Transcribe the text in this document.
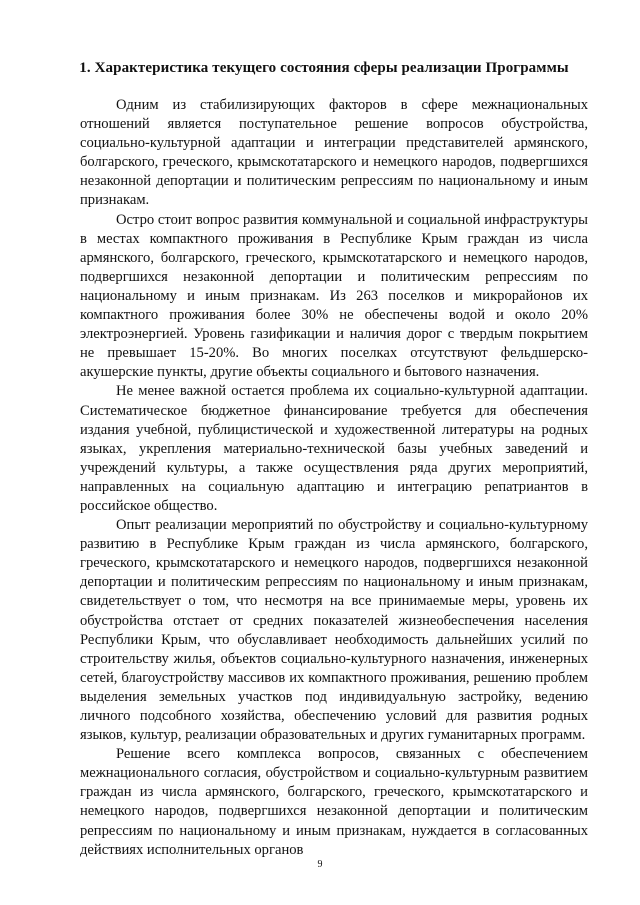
1. Характеристика текущего состояния сферы реализации Программы

Одним из стабилизирующих факторов в сфере межнациональных отношений является поступательное решение вопросов обустройства, социально-культурной адаптации и интеграции представителей армянского, болгарского, греческого, крымскотатарского и немецкого народов, подвергшихся незаконной депортации и политическим репрессиям по национальному и иным признакам.

Остро стоит вопрос развития коммунальной и социальной инфраструктуры в местах компактного проживания в Республике Крым граждан из числа армянского, болгарского, греческого, крымскотатарского и немецкого народов, подвергшихся незаконной депортации и политическим репрессиям по национальному и иным признакам. Из 263 поселков и микрорайонов их компактного проживания более 30% не обеспечены водой и около 20% электроэнергией. Уровень газификации и наличия дорог с твердым покрытием не превышает 15-20%. Во многих поселках отсутствуют фельдшерско-акушерские пункты, другие объекты социального и бытового назначения.

Не менее важной остается проблема их социально-культурной адаптации. Систематическое бюджетное финансирование требуется для обеспечения издания учебной, публицистической и художественной литературы на родных языках, укрепления материально-технической базы учебных заведений и учреждений культуры, а также осуществления ряда других мероприятий, направленных на социальную адаптацию и интеграцию репатриантов в российское общество.

Опыт реализации мероприятий по обустройству и социально-культурному развитию в Республике Крым граждан из числа армянского, болгарского, греческого, крымскотатарского и немецкого народов, подвергшихся незаконной депортации и политическим репрессиям по национальному и иным признакам, свидетельствует о том, что несмотря на все принимаемые меры, уровень их обустройства отстает от средних показателей жизнеобеспечения населения Республики Крым, что обуславливает необходимость дальнейших усилий по строительству жилья, объектов социально-культурного назначения, инженерных сетей, благоустройству массивов их компактного проживания, решению проблем выделения земельных участков под индивидуальную застройку, ведению личного подсобного хозяйства, обеспечению условий для развития родных языков, культур, реализации образовательных и других гуманитарных программ.

Решение всего комплекса вопросов, связанных с обеспечением межнационального согласия, обустройством и социально-культурным развитием граждан из числа армянского, болгарского, греческого, крымскотатарского и немецкого народов, подвергшихся незаконной депортации и политическим репрессиям по национальному и иным признакам, нуждается в согласованных действиях исполнительных органов

9
